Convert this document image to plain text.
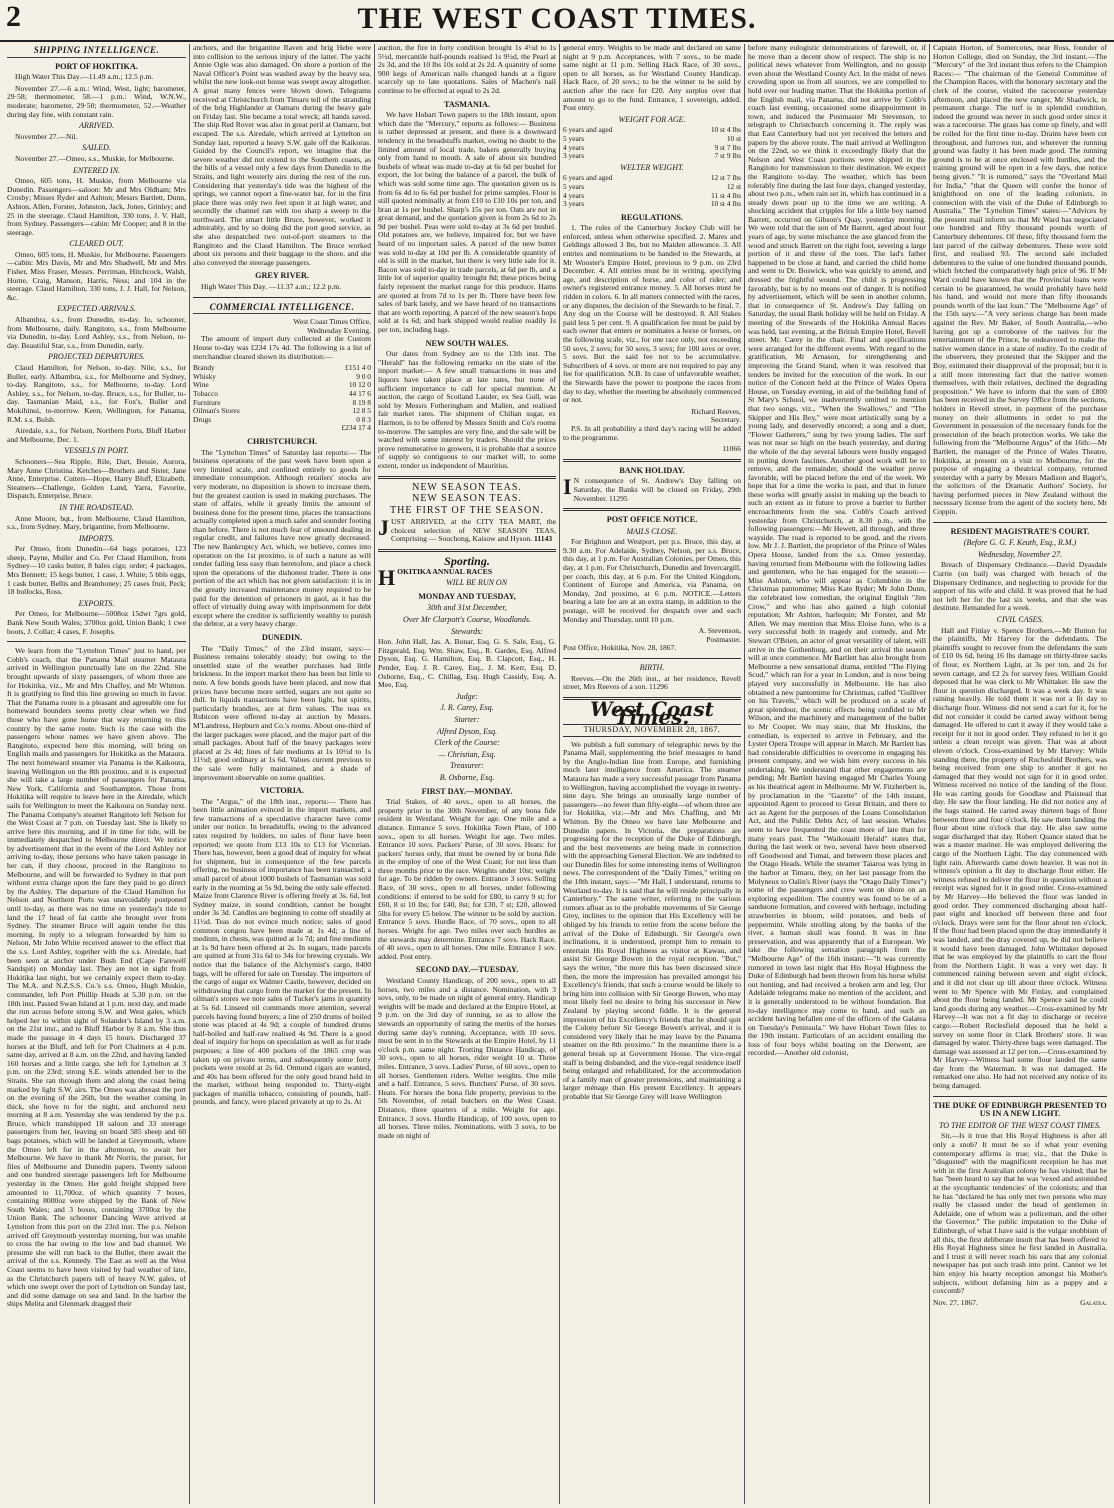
2	THE WEST COAST TIMES.
SHIPPING INTELLIGENCE.
PORT OF HOKITIKA.

High Water This Day.—11.49 a.m.; 12.5 p.m.

November 27.—6 a.m.: Wind, West, light; barometer, 29·58; thermometer, 58.—1 p.m.: Wind, W.N.W., moderate; barometer, 29·50; thermometer, 52.—Weather during day fine, with constant rain.

ARRIVED.

November 27.—Nil.

SAILED.

November 27.—Omeo, s.s., Muskie, for Melbourne.

ENTERED IN.

Omeo, 605 tons, H. Muskie, from Melbourne via Dunedin. Passengers—saloon: Mr and Mrs Oldham; Mrs Crosby; Misses Ryder and Ashton; Messrs Bartlett, Dunn, Ashton, Allen, Forster, Johnston, Jack, Jones, Grinley; and 25 in the steerage. Claud Hamilton, 330 tons, J. V. Hall, from Sydney. Passengers—cabin: Mr Cooper; and 8 in the steerage.

CLEARED OUT.

Omeo, 605 tons, H. Muskie, for Melbourne. Passengers—cabin: Mrs Davis, Mr and Mrs Shadwell, Mr and Mrs Fisher, Miss Fraser, Messrs. Perriman, Hitchcock, Walsh, Horne, Craig, Manson, Harris, Ness; and 104 in the steerage. Claud Hamilton, 330 tons, J. J. Hall, for Nelson, &c.

EXPECTED ARRIVALS.

Albambra, s.s., from Dunedin, to-day. Io, schooner, from Melbourne, daily. Rangitoto, s.s., from Melbourne via Dunedin, to-day. Lord Ashley, s.s., from Nelson, to-day. Beautiful Star, s.s., from Dunedin, early.

PROJECTED DEPARTURES.

Claud Hamilton, for Nelson, to-day. Nile, s.s., for Buller, early. Albambra, s.s., for Melbourne and Sydney, to-day. Rangitoto, s.s., for Melbourne, to-day. Lord Ashley, s.s., for Nelson, to-day. Bruce, s.s., for Buller, to-day. Tasmanian Maid, s.s., for Fox's, Buller and Mokihinui, to-morrow. Keen, Wellington, for Panama, R.M. s.s. Bulsh.

Airedale, s.s., for Nelson, Northern Ports, Bluff Harbor and Melbourne, Dec. 1.

VESSELS IN PORT.

Schooners—Sea Ripple, Rile, Dart, Bessie, Aurora, Mary Anne Christina. Ketches—Brothers and Sister, Jane Anne, Enterprise. Cutters—Hope, Harry Bluff, Elizabeth. Steamers—Challenge, Golden Land, Yarra, Favorite, Dispatch, Enterprise, Bruce.

IN THE ROADSTEAD.

Anne Moore, bqt., from Melbourne. Claud Hamilton, s.s., from Sydney. Mary, brigantine, from Melbourne.

IMPORTS.

Per Omeo, from Dunedin—64 bags potatoes, 123 sheep, Payne, Muller and Co. Per Claud Hamilton, from Sydney—10 casks butter, 8 bales cigs; order; 4 packages, Mrs Bennett; 15 kegs butter, 1 case, J. White; 5 bbls eggs, 1 cask butter, Bellis and Bramhoney; 25 cases fruit, Peck; 18 bullocks, Ross.

EXPORTS.

Per Omeo, for Melbourne—5008oz 15dwt 7grs gold, Bank New South Wales; 3700oz gold, Union Bank; 1 cwe boots, J. Collar; 4 cases, F. Josephs.

We learn from the "Lyttelton Times" just to hand, per Cobb's coach, that the Panama Mail steamer Mataura arrived in Wellington punctually late on the 22nd. She brought upwards of sixty passengers, of whom three are for Hokitika, viz., Mr and Mrs Chaffey, and Mr Whitton. It is gratifying to find this line growing so much in favor. That the Panama route is a pleasant and agreeable one for homeward bounders seems pretty clear when we find those who have gone home that way returning to this country by the same route. Such is the case with the passengers whose names we have given above. The Rangitoto, expected here this morning, will bring on English mails and passengers for Hokitika as the Mataura. The next homeward steamer via Panama is the Kaikoura, leaving Wellington on the 8th proximo, and it is expected she will take a large number of passengers for Panama, New York, California and Southampton. Those from Hokitika will require to leave here in the Airedale, which sails for Wellington to meet the Kaikoura on Sunday next. The Panama Company's steamer Rangitoto left Nelson for the West Coast at 7 p.m. on Tuesday last. She is likely to arrive here this morning, and if in time for tide, will be immediately despatched to Melbourne direct. We notice by advertisement that in the event of the Lord Ashley not arriving to-day, those persons who have taken passage in her can, if they choose, proceed in the Rangitoto to Melbourne, and will be forwarded to Sydney in that port without extra charge upon the fare they paid to go direct by the Ashley. The departure of the Claud Hamilton for Nelson and Northern Ports was unavoidably postponed until to-day, as there was no time on yesterday's tide to land the 17 head of fat cattle she brought over from Sydney. The steamer Bruce will again tender for this morning. In reply to a telegram forwarded by him to Nelson, Mr John White received answer to the effect that the s.s. Lord Ashley, together with the s.s. Airedale, had been seen at anchor under Bush End (Cape Farewell Sandspit) on Monday last. They are not in sight from Hokitika last night, but we certainly expect them to-day. The M.A. and N.Z.S.S. Co.'s s.s. Omeo, Hugh Muskie, commander, left Port Phillip Heads at 5.30 p.m. on the 18th inst. Passed Swan Island at 1 p.m. next day, and made the run across before strong S.W. and West gales, which helped her to within sight of Solander's Island by 3 a.m. on the 21st inst., and to Bluff Harbor by 8 a.m. She thus made the passage in 4 days 15 hours. Discharged 37 horses at the Bluff, and left for Port Chalmers at 4 p.m. same day, arrived at 8 a.m. on the 22nd, and having landed 160 horses and a little cargo, she left for Lyttelton at 3 p.m. on the 23rd; strong S.E. winds attended her to the Straits. She ran through them and along the coast being marked by light S.W. airs. The Omeo was abreast the port on the evening of the 26th, but the weather coming in thick, she hove to for the night, and anchored next morning at 8 a.m. Yesterday she was tendered by the p.s. Bruce, which transhipped 18 saloon and 33 steerage passengers from her, leaving on board 585 sheep and 60 bags potatoes, which will be landed at Greymouth, where the Omeo left for in the afternoon, to await her Melbourne. We have to thank Mr Norris, the purser, for files of Melbourne and Dunedin papers. Twenty saloon and one hundred steerage passengers left for Melbourne yesterday in the Omeo. Her gold freight shipped here amounted to 11,700oz. of which quantity 7 boxes, containing 8000oz were shipped by the Bank of New South Wales; and 3 boxes, containing 3700oz by the Union Bank. The schooner Dancing Wave arrived at Lyttelton from this port on the 23rd inst. The p.s. Nelson arrived off Greymouth yesterday morning, but was unable to cross the bar owing to the low and bad channel. We presume she will run back to the Buller, there await the arrival of the s.s. Kennedy. The East as well as the West Coast seems to have been visited by bad weather of late, as the Christchurch papers tell of heavy N.W. gales, of which one swept over the port of Lyttelton on Sunday last, and did some damage on sea and land. In the harbor the ships Melita and Glenmark dragged their

anchors, and the brigantine Raven and brig Hebe were into collision to the serious injury of the latter. The yacht Annie Ogle was also damaged. On shore a portion of the Naval Officer's Point was washed away by the heavy sea, whilst the new look-out house was swept away altogether. A great many fences were blown down. Telegrams received at Christchurch from Timaru tell of the stranding of the brig Highlander at Oamaru during the heavy gale on Friday last. She became a total wreck; all hands saved. The ship Red Rover was also in great peril at Oamaru, but escaped. The s.s. Airedale, which arrived at Lyttelton on Sunday last, reported a heavy S.W. gale off the Kaikoras. Guided by the Council's report, we imagine that the severe weather did not extend to the Southern coasts, as the bills of a vessel only a few days from Dunedin to the Straits, and light westerly airs during the rest of the run. Considering that yesterday's tide was the highest of the springs, we cannot report a fine-water bar, for in the first place there was only two feet upon it at high water, and secondly the channel ran with too sharp a sweep to the northward. The smart little Bruce, however, worked it admirably, and by so doing did the port good service, as she also despatched two out-of-port steamers to the Rangitoto and the Claud Hamilton. The Bruce worked about six persons and their baggage to the shore, and she also conveyed the steerage passengers.

GREY RIVER.

High Water This Day. —11.37 a.m.; 12.2 p.m.

COMMERCIAL INTELLIGENCE.
West Coast Times Office,
Wednesday Evening.

The amount of import duty collected at the Custom House to-day was £234 17s 4d. The following is a list of merchandise cleared shown its distribution:—

Brandy	£151 4 0
Whisky	9 0 0
Wine	10 12 0
Tobacco	44 17 6
Furniture	8 19 8
Oilman's Stores	12 8 5
Drugs	0 8 3
£234 17 4
CHRISTCHURCH.

The "Lyttelton Times" of Saturday last reports:— The business operations of the past week have been upon a very limited scale, and confined entirely to goods for immediate consumption. Although retailers' stocks are very moderate, no disposition is shown to increase them, but the greatest caution is used in making purchases. The state of affairs, while it greatly limits the amount of business done for the present time, places the transactions actually completed upon a much safer and sounder footing than before. There is not much fear of unsound dealing in regular credit, and failures have now greatly decreased. The new Bankruptcy Act, which, we believe, comes into operation on the 1st proximo, is of such a nature as will render failing less easy than heretofore, and place a check upon the operations of the dishonest trader. There is one portion of the act which has not given satisfaction: it is in the greatly increased maintenance money required to be paid for the detention of prisoners in gaol, as it has the effect of virtually doing away with imprisonment for debt except where the creditor is sufficiently wealthy to punish the debtor, at a very heavy charge.

DUNEDIN.

The "Daily Times," of the 23rd instant, says:— Business remains tolerably steady; but owing to the unsettled state of the weather purchases had little briskness. In the import market there has been but little to note. A few bonds goods have been placed, and now that prices have become more settled, sugars are not quite so dull. In liquids transactions have been light, but spirits, particularly brandies, are at firm values. The teas ex Rubicon were offered to-day at auction by Messrs. M'Landress, Hepburn and Co.'s rooms. About one-third of the larger packages were placed, and the major part of the small packages. About half of the heavy packages were placed at 2s 4d; lines of fair mediums at 1s 10½d to 1s 11½d; good ordinary at 1s 6d. Values current previous to the sale were fully maintained, and a shade of improvement observable on some qualities.

VICTORIA.

The "Argus," of the 18th inst., reports:— There has been little animation evinced in the import markets, and few transactions of a speculative character have come under our notice. In breadstuffs, owing to the advanced rates required by holders, no sales of flour have been reported; we quote from £13 10s to £13 for Victorian. There has, however, been a good deal of inquiry for wheat for shipment, but in consequence of the few parcels offering, no business of importance has been transacted; a small parcel of about 1000 bushels of Tasmanian was sold early in the morning at 5s 9d, being the only sale effected. Maize from Clarence River is offering freely at 3s. 6d, but Sydney maize, in sound condition, cannot be bought under 3s 3d. Candles are beginning to come off steadily at 11½d. Teas do not evince much notice; sales of good common congou have been made at 1s 4d; a line of medium, in chests, was quitted at 1s 7d; and fine mediums at 1s 9d have been offered at 2s. In sugars, trade parcels are quitted at from 31s 6d to 34s for brewing crystals. We notice that the balance of the Alchymist's cargo, 8400 bags, will be offered for sale on Tuesday. The importers of the cargo of sugar ex Walmer Castle, however, decided on withdrawing that cargo from the market for the present. In oilman's stores we note sales of Tucker's jams in quantity at 5s 6d. Linseed oil commands more attention, several parcels having found buyers; a line of 250 drums of boiled stone was placed at 4s 9d; a couple of hundred drums half-boiled and half-raw realised 4s 9d. There is a good deal of inquiry for hops on speculation as well as for trade purposes; a line of 400 pockets of the 1865 crop was taken up on private terms, and subsequently some forty pockets were resold at 2s 6d. Ormond cigars are wanted, and 40s has been offered for the only good brand held in the market, without being responded to. Thirty-eight packages of manilla tobacco, consisting of pounds, half-pounds, and fancy, were placed privately at up to 2s. At

auction, the fire in forty condition brought 1s 4½d to 1s 5½d, mercantile half-pounds realised 1s 9½d, the Pearl at 2s 3d, and the 10 lbs 10s sold at 2s 2d. A quantity of some 900 kegs of American nails changed hands at a figure scarcely up to late quotations. Sales of Machen's nail continue to be effected at equal to 2s 2d.

TASMANIA.

We have Hobart Town papers to the 18th instant, upon which date the "Mercury," reports as follows:— Business is rather depressed at present, and there is a downward tendency in the breadstuffs market, owing no doubt to the limited amount of local trade, bakers generally buying only from hand to mouth. A sale of about six hundred bushels of wheat was made to-day at 6s 6d per bushel for export, the lot being the balance of a parcel, the bulk of which was sold some time ago. The quotation given us is from 6s 4d to 6s 6d per bushel for prime samples. Flour is still quoted nominally at from £10 to £10 10s per ton, and bran at 1s per bushel. Sharp's 15s per ton. Oats are not in great demand, and the quotation given is from 2s 6d to 2s 9d per bushel. Peas were sold to-day at 3s 6d per bushel. Old potatoes are, we believe, impaired for, but we have heard of no important sales. A parcel of the new butter was sold to-day at 10d per lb. A considerable quantity of old is still in the market, but there is very little sale for it. Bacon was sold to-day in trade parcels, at 6d per lb, and a little lot of superior quality brought 8d; these prices being fairly represent the market range for this produce. Hams are quoted at from 7d to 1s per lb. There have been few sales of bark lately, and we have heard of no transactions that are worth reporting. A parcel of the new season's hops sold at 1s 6d; and bark shipped would realise readily 1s per ton, including bags.

NEW SOUTH WALES.

Our dates from Sydney are to the 13th inst. The "Herald" has the following remarks on the state of the import market:— A few small transactions in teas and liquors have taken place at late rates, but none of sufficient importance to call for special mention. At auction, the cargo of Scotland Lauder, ex Sea Gull, was sold by Messrs Fotheringham and Mallen, and realised fair market rates. The shipment of Chilian sugar, ex Harmon, is to be offered by Messrs Smith and Co's rooms to-morrow. The samples are very fine, and the sale will be watched with some interest by traders. Should the prices prove remunerative to growers, it is probable that a source of supply so contiguous to our market will, to some extent, render us independent of Mauritius.

NEW SEASON TEAS.
NEW SEASON TEAS.
THE FIRST OF THE SEASON.

JUST ARRIVED, at the CITY TEA MART, the choicest selection of NEW SEASON TEAS, Comprising — Souchong, Kaisow and Hyson. 11143

Sporting.

HOKITIKA ANNUAL RACES

WILL BE RUN ON
MONDAY AND TUESDAY,
30th and 31st December,
Over Mr Clarpott's Course, Woodlands.
Stewards:

Hon. John Hall, Jas. A. Bonar, Esq. G. S. Sale, Esq., G. Fitzgerald, Esq. Wm. Shaw, Esq., R. Gardes, Esq. Alfred Dyson, Esq. G. Hamilton, Esq. B. Clapcott, Esq., H. Pender, Esq. J. R. Carey, Esq., J. M. Kerr, Esq. D. Osborne, Esq., C. Chillag, Esq. Hugh Cassidy, Esq. A. Mee, Esq.

Judge:
J. R. Carey, Esq.
Starter:
Alfred Dyson, Esq.
Clerk of the Course:
— Christian, Esq.
Treasurer:
B. Osborne, Esq.
FIRST DAY.—MONDAY.

Trial Stakes, of 40 sovs., open to all horses, the property prior to the 30th November, of any bona fide resident in Westland. Weight for age. One mile and a distance. Entrance 5 sovs. Hokitika Town Plate, of 100 sovs., open to all horses. Weight for age. Two miles. Entrance 10 sovs. Packers' Purse, of 30 sovs. Heats: for packers' horses only, that must be owned by or bona fide in the employ of one of the West Coast; for not less than three months prior to the race. Weights under 10st; weight for age. To be ridden by owners. Entrance 3 sovs. Selling Race, of 30 sovs., open to all horses, under following conditions: if entered to be sold for £80, to carry 9 st; for £60, 8 st 10 lbs; for £40, 8st; for £30, 7 st; £20, allowed 5lbs for every £5 below. The winner to be sold by auction. Entrance 5 sovs. Hurdle Race, of 70 sovs., open to all horses. Weight for age. Two miles over such hurdles as the stewards may determine. Entrance 7 sovs. Hack Race, of 40 sovs., open to all horses. One mile. Entrance 1 sov. added. Post entry.

SECOND DAY.—TUESDAY.

Westland County Handicap, of 200 sovs., open to all horses, two miles and a distance. Nomination, with 3 sovs, only, to be made on night of general entry. Handicap weights will be made and declared at the Empire Hotel, at 9 p.m. on the 3rd day of running, so as to allow the stewards an opportunity of rating the merits of the horses during same day's running. Acceptance, with 10 sovs. must be sent in to the Stewards at the Empire Hotel, by 11 o'clock p.m. same night. Trotting Distance Handicap, of 30 sovs., open to all horses, rider weight 10 st. Three miles. Entrance, 3 sovs. Ladies' Purse, of 60 sovs., open to all horses. Gentlemen riders. Welter weights. One mile and a half. Entrance, 5 sovs. Butchers' Purse, of 30 sovs. Heats. For horses the bona fide property, previous to the 5th November, of retail butchers on the West Coast. Distance, three quarters of a mile. Weight for age. Entrance, 3 sovs. Hurdle Handicap, of 100 sovs, open to all horses. Three miles. Nominations, with 3 sovs, to be made on night of

general entry. Weights to be made and declared on same night at 9 p.m. Acceptances, with 7 sovs., to be made same night at 11 p.m. Selling Hack Race, of 30 sovs., open to all horses, as for Westland County Handicap. Hack Race, of 20 sovs.; to be the winner to be sold by auction after the race for £20. Any surplus over that amount to go to the fund. Entrance, 1 sovereign, added. Post entry.

WEIGHT FOR AGE.
6 years and aged	10 st 4 lbs
5 years	10 st
4 years	9 st 7 lbs
3 years	7 st 9 lbs
WELTER WEIGHT.
6 years and aged	12 st 7 lbs
5 years	12 st
4 years	11 st 4 lbs
3 years	10 st 4 lbs
REGULATIONS.

1. The rules of the Canterbury Jockey Club will be enforced, unless when otherwise specified. 2. Mares and Geldings allowed 3 lbs, but no Maiden allowance. 3. All entries and nominations to be handed to the Stewards, at Mr Wooster's Empire Hotel, previous to 9 p.m. on 23rd December. 4. All entries must be in writing, specifying age, and description of horse, and color of rider; and owner's registered entrance money. 5. All horses must be ridden in colors. 6. In all matters connected with the races, or any disputes, the decision of the Stewards to be final. 7. Any dog on the Course will be destroyed. 8. All Stakes paid less 5 per cent. 9. A qualification fee must be paid by each owner that enters or nominates a horse or horses, on the following scale, viz., for one race only, not exceeding 50 sovs, 2 sovs; for 50 sovs, 3 sovs; for 100 sovs or over, 5 sovs. But the said fee not to be accumulative. Subscribers of 4 sovs. or more are not required to pay any fee for qualification. N.B. In case of unfavorable weather, the Stewards have the power to postpone the races from day to day, whether the meeting be absolutely commenced or not.

Richard Reeves,
Secretary.

P.S. In all probability a third day's racing will be added to the programme.

11066
BANK HOLIDAY.

I N consequence of St. Andrew's Day falling on Saturday, the Banks will be closed on Friday, 29th November. 11295

POST OFFICE NOTICE.
MAILS CLOSE.

For Brighton and Westport, per p.s. Bruce, this day, at 9.30 a.m. For Adelaide, Sydney, Nelson, per s.s. Bruce, this day, at 1 p.m. For Australian Colonies, per Omeo, this day, at 1 p.m. For Christchurch, Dunedin and Invercargill, per coach, this day, at 6 p.m. For the United Kingdom, Continent of Europe and America, via Panama, on Monday, 2nd proximo, at 6 p.m. NOTICE.—Letters bearing a late fee are at an extra stamp, in addition to the postage, will be received for despatch over and each Monday and Thursday, until 10 p.m.

A. Stevenson,
Postmaster.

Post Office, Hokitika, Nov. 28, 1867.

BIRTH.

Reeves.—On the 26th inst., at her residence, Revell street, Mrs Reeves of a son. 11296

West Coast Times.
THURSDAY, NOVEMBER 28, 1867.

We publish a full summary of telegraphic news by the Panama Mail, supplementing the brief messages to hand by the Anglo-Indian line from Europe, and furnishing much later intelligence from America. The steamer Mataura has made a very successful passage from Panama to Wellington, having accomplished the voyage in twenty-nine days. She brings an unusually large number of passengers—no fewer than fifty-eight—of whom three are for Hokitika, viz:—Mr and Mrs Chaffing, and Mr Whitton. By the Omeo we have late Melbourne and Dunedin papers. In Victoria, the preparations are progressing for the reception of the Duke of Edinburgh, and the best movements are being made in connection with the approaching General Election. We are indebted to our Dunedin files for some interesting items of Wellington news. The correspondent of the "Daily Times," writing on the 18th instant, says:—"Mr Hall, I understand, returns to Westland to-day. It is said that he will reside principally in Canterbury." The same writer, referring to the various rumors afloat as to the probable movements of Sir George Grey, inclines to the opinion that His Excellency will be obliged by his friends to retire from the scene before the arrival of the Duke of Edinburgh. Sir George's own inclinations, it is understood, prompt him to remain to entertain His Royal Highness as visitor at Kawau, and assist Sir George Bowen in the royal reception. "But," says the writer, "the more this has been discussed since then, the more the impression has prevailed amongst his Excellency's friends, that such a course would be likely to bring him into collision with Sir George Bowen, who may most likely feel no desire to bring his successor in New Zealand by playing second fiddle. It is the general impression of his Excellency's friends that he should quit the Colony before Sir George Bowen's arrival, and it is considered very likely that he may leave by the Panama steamer on the 8th proximo." In the meantime there is a general break up at Government House. The vice-regal staff is being disbanded, and the vice-regal residence itself being enlarged and rehabilitated, for the accommodation of a family man of greater pretensions, and maintaining a larger ménage than His present Excellency. It appears probable that Sir George Grey will leave Wellington

before many eulogistic demonstrations of farewell, or, if he move than a decent show of respect. The ship is no political news whatever from Wellington, and no gossip even about the Westland County Act. In the midst of news crowding upon us from all sources, we are compelled to hold over our leading matter. That the Hokitika portion of the English mail, via Panama, did not arrive by Cobb's coach last evening, occasioned some disappointment in town, and induced the Postmaster Mr Stevenson, to telegraph to Christchurch concerning it. The reply was that East Canterbury had not yet received the letters and papers by the above route. The mail arrived at Wellington on the 22nd, so we think it exceedingly likely that the Nelson and West Coast portions were shipped in the Rangitoto for transmission to their destination. We expect the Rangitoto to-day. The weather, which has been tolerably fine during the last four days, changed yesterday, about two p.m., when rain set in, which has continued in a steady down pour up to the time we are writing. A shocking accident that cripples for life a little boy named Barrett, occurred on Gibson's Quay, yesterday morning. We were told that the son of Mr Barrett, aged about four years of age, by some mischance the axe glanced from the wood and struck Barrett on the right foot, severing a large portion of it and three of the toes. The lad's father happened to be close at hand, and carried the child home and went to Dr. Boswick, who was quickly to attend, and dressed the frightful wound. The child is progressing favorably, but is by no means out of danger. It is notified by advertisement, which will be seen in another column, that in consequence of St. Andrew's Day falling on Saturday, the usual Bank holiday will be held on Friday. A meeting of the Stewards of the Hokitika Annual Races was held, last evening, at the British Empire Hotel, Revell street. Mr. Carey in the chair. Final and specifications were arranged for the different events. With regard to the gratification, Mr Arnason, for strengthening and improving the Grand Stand, when it was resolved that tenders be invited for the execution of the work. In our notice of the Concert held at the Prince of Wales Opera House, on Tuesday evening, in aid of the building fund of St Mary's School, we inadvertently omitted to mention that two songs, viz., "When the Swallows," and "The Skipper and His Boy," were most artistically sung by a young lady, and deservedly encored; a song and a duet, "Flower Gatherers," sung by two young ladies. The surf was not near so high on the beach yesterday, and during the whole of the day several labours were busily engaged in putting down fascines. Another good work will be to remove, and the remainder, should the weather prove favorable, will be placed before the end of the week. We hope that for a time the works is past, and that in future these works will greatly assist in making up the beach to such an extent as in future to prove a barrier to further encroachments from the sea. Cobb's Coach arrived yesterday from Christchurch, at 8.30 p.m., with the following passengers:—Mr Hewett, all through, and three wayside. The road is reported to be good, and the rivers low. Mr J. J. Bartlett, the proprietor of the Prince of Wales Opera House, landed from the s.s. Omeo yesterday, having returned from Melbourne with the following ladies and gentlemen, who he has engaged for the season:—Miss Ashton, who will appear as Columbine in the Christmas pantomime; Miss Kate Ryder; Mr John Dunn, the celebrated low comedian, the original English "Jim Crow," and who has also gained a high colonial reputation; Mr Ashton, harlequin; Mr Forster, and Mr Allen. We may mention that Miss Eloise Juno, who is a very successful both in tragedy and comedy, and Mr Stewart O'Brien, an actor of great versatility of talent, will arrive in the Gothenburg, and on their arrival the season will at once commence. Mr Bartlett has also brought from Melbourne a new sensational drama, entitled "The Flying Scud," which ran for a year in London, and is now being played very successfully in Melbourne. He has also obtained a new pantomime for Christmas, called "Gulliver on his Travels," which will be produced on a scale of great splendour, the scenic effects being confided to Mr Wilson, and the machinery and management of the ballet to Mr Cooper. We may state, that Mr Hoskins, the comedian, is expected to arrive in February, and the Lyster Opera Troupe will appear in March. Mr Bartlett has had considerable difficulties to overcome in engaging his present company, and we wish him every success in his undertaking. We understand that other engagements are pending; Mr Bartlett having engaged Mr Charles Young as his theatrical agent in Melbourne. Mr W. Fitzherbert is, by proclamation in the "Gazette" of the 14th instant, appointed Agent to proceed to Great Britain, and there to act as Agent for the purposes of the Loans Consolidation Act, and the Public Debts Act, of last session. Whales seem to have frequented the coast more of late than for many years past. The "Waikouaiti Herald" states that, during the last week or two, several have been observed off Goodwood and Tumai, and between those places and the Otago Heads. While the steamer Taiaroa was lying in the harbor at Timaru, they, on her last passage from the Molyneux to Oalin's River (says the "Otago Daily Times") some of the passengers and crew went on shore on an exploring expedition. The country was found to be of a sandstone formation, and covered with herbage, including strawberries in bloom, wild potatoes, and beds of peppermint. While strolling along by the banks of the river, a human skull was found. It was in fine preservation, and was apparently that of a European. We take the following sensation paragraph from the "Melbourne Age" of the 16th instant:—"It was currently rumored in town last night that His Royal Highness the Duke of Edinburgh had been thrown from his horse whilst out hunting, and had received a broken arm and leg. Our Adelaide telegrams make no mention of the accident, and it is generally understood to be without foundation. But to-day intelligence may come to hand, and such an accident having befallen one of the officers of the Galatea on Tuesday's Peninsula." We have Hobart Town files to the 19th instant. Particulars of an accident entailing the loss of four boys whilst boating on the Derwent, are recorded.—Another old colonist,

Captain Horton, of Somercotes, near Ross, founder of Horton College, died on Sunday, the 3rd instant.—The "Mercury" of the 3rd instant thus refers to the Champion Races:— "The chairman of the General Committee of the Champion Races, with the honorary secretary and the clerk of the course, visited the racecourse yesterday afternoon, and placed the new ranger, Mr Shadwick, in permanent charge. The turf is in splendid condition, indeed the ground was never in such good order since it was a racecourse. The grass has come up finely, and will be rolled for the first time to-day. Drains have been cut throughout, and furrows run, and wherever the running ground was faulty it has been made good. The running ground is to be at once enclosed with hurdles, and the training ground will be open in a few days, due notice being given." "It is rumored," says the "Overland Mail for India," "that the Queen will confer the honor of knighthood on one of the leading colonists, in connection with the visit of the Duke of Edinburgh to Australia." The "Lyttelton Times" states:—"Advices by the present mail inform us that Mr Ward has negociated one hundred and fifty thousand pounds worth of Canterbury debentures. Of these, fifty thousand form the last parcel of the railway debentures. These were sold first, and realised 93. The second sale included debentures to the value of one hundred thousand pounds, which fetched the comparatively high price of 96. If Mr Ward could have known that the Provincial loans were certain to be guaranteed, he would probably have held his hand, and would not more than fifty thousands pounds worth of the last loan." The "Melbourne Age" of the 15th says:—"A very serious charge has been made against the Rev. Mr Baker, of South Australia,—who having got up a corroboree of the natives for the entertainment of the Prince, he endeavored to make the native women dance in a state of nudity. To the credit of the observers, they protested that the Skipper and the Boy, estimated their disapproval of the proposal; but it is a still more interesting fact that the native women themselves, with their relatives, declined the degrading proposition." We have to inform that the sum of £800 has been received in the Survey Office from the sections, holders in Revell street, in payment of the purchase money on their allotments in order to put the Government in possession of the necessary funds for the prosecution of the beach protection works. We take the following from the "Melbourne Argus" of the 16th:—Mr Bartlett, the manager of the Prince of Wales Theatre, Hokitika, at present on a visit to Melbourne, for the purpose of engaging a theatrical company, returned yesterday with a party by Messrs Madison and Bagot's, the solicitors of the Dramatic Authors' Society, for having performed pieces in New Zealand without the necessary license from the agent of the society here, Mr Coppin.

RESIDENT MAGISTRATE'S COURT.
(Before G. G. F. Keuth, Esq., R.M.)
Wednesday, November 27.

Breach of Dispensary Ordinance.—David Dyasdale Currie (on bail) was charged with breach of the Dispensary Ordinance, and neglecting to provide for the support of his wife and child. It was proved that he had not left her for the last six weeks, and that she was destitute. Remanded for a week.

CIVIL CASES.

Hall and Finlay v. Spence Brothers.—Mr Button for the plaintiffs, Mr Harvey for the defendants. The plaintiffs sought to recover from the defendants the sum of £10 0s 6d, being 16 lbs damage on thirty-three sacks of flour, ex Northern Light, at 3s per ton, and 2s for seven cartage, and £2 2s for survey fees. William Gould deposed that he was clerk to Mr Whittaker. He saw the flour in question discharged. It was a week day. It was raining heavily. He told them it was not a fit day to discharge flour. Witness did not send a cart for it, for he did not consider it could be carted away without being damaged. He offered to cart it away if they would take a receipt for it not in good order. They refused to let it go unless a clean receipt was given. That was at about eleven o'clock. Cross-examined by Mr Harvey: While standing there, the property of Rochesfeld Brothers, was being received from one ship to another it got no damaged that they would not sign for it in good order. Witness received no notice of the landing of the flour. He was carting goods for Goodlaw and Plaistead that day. He saw the flour landing. He did not notice any of the bags stained. He carted away thirteen bags of flour between three and four o'clock. He saw them landing the flour about nine o'clock that day. He also saw some sugar discharged that day. Robert Quance stated that he was a master mariner. He was employed delivering the cargo of the Northern Light. The day commenced with light rain. Afterwards came down heavier. It was not in witness's opinion a fit day to discharge flour either. He witness refused to deliver the flour in question without a receipt was signed for it in good order. Cross-examined by Mr Harvey—He believed the flour was landed in good order. They commenced discharging about half-past eight and knocked off between three and four o'clock. Drays were sent for the flour about ten o'clock. If the flour had been placed upon the dray immediately it was landed, and the dray covered up, he did not believe it would have been damaged. John Whittaker deposed that he was employed by the plaintiffs to cart the flour from the Northern Light. It was a very wet day. It commenced raining between seven and eight o'clock, and it did not clear up till about three o'clock. Witness went to Mr Spence with Mr Finlay, and complained about the flour being landed. Mr Spence said he could land goods during any weather.—Cross-examined by Mr Harvey—It was not a fit day to discharge or receive cargo.—Robert Reclesfield deposed that he held a survey on some flour in Clark Brothers' store. It was damaged by water. Thirty-three bags were damaged. The damage was assessed at 12 per ton.—Cross-examined by Mr Harvey—Witness had some flour landed the same day from the Waterman. It was not damaged. He remarked one also. He had not received any notice of its being damaged.

THE DUKE OF EDINBURGH PRESENTED TO US IN A NEW LIGHT.
TO THE EDITOR OF THE WEST COAST TIMES.

Sir,—Is it true that His Royal Highness is after all only a snob? It must be so if what your evening contemporary affirms is true; viz., that the Duke is "disgusted" with the magnificent reception he has met with in the first Australian colony he has visited; that he has "been heard to say that he was 'vexed and astonished at the sycophantic tendencies' of the colonists; and that he has "declared he has only met two persons who may really be classed under the head of gentlemen in Adelaide, one of whom was a policeman, and the other the Governor." The public imputation to the Duke of Edinburgh, of what I have said is the vulgar snobbism of all this, the first deliberate insult that has been offered to His Royal Highness since he first landed in Australia, and I trust it will never reach his ears that any colonial newspaper has put such trash into print. Cannot we let him enjoy his hearty reception amongst his Mother's subjects, without defaming him as a puppy and a coxcomb?

Nov. 27, 1867.	Galatea.
